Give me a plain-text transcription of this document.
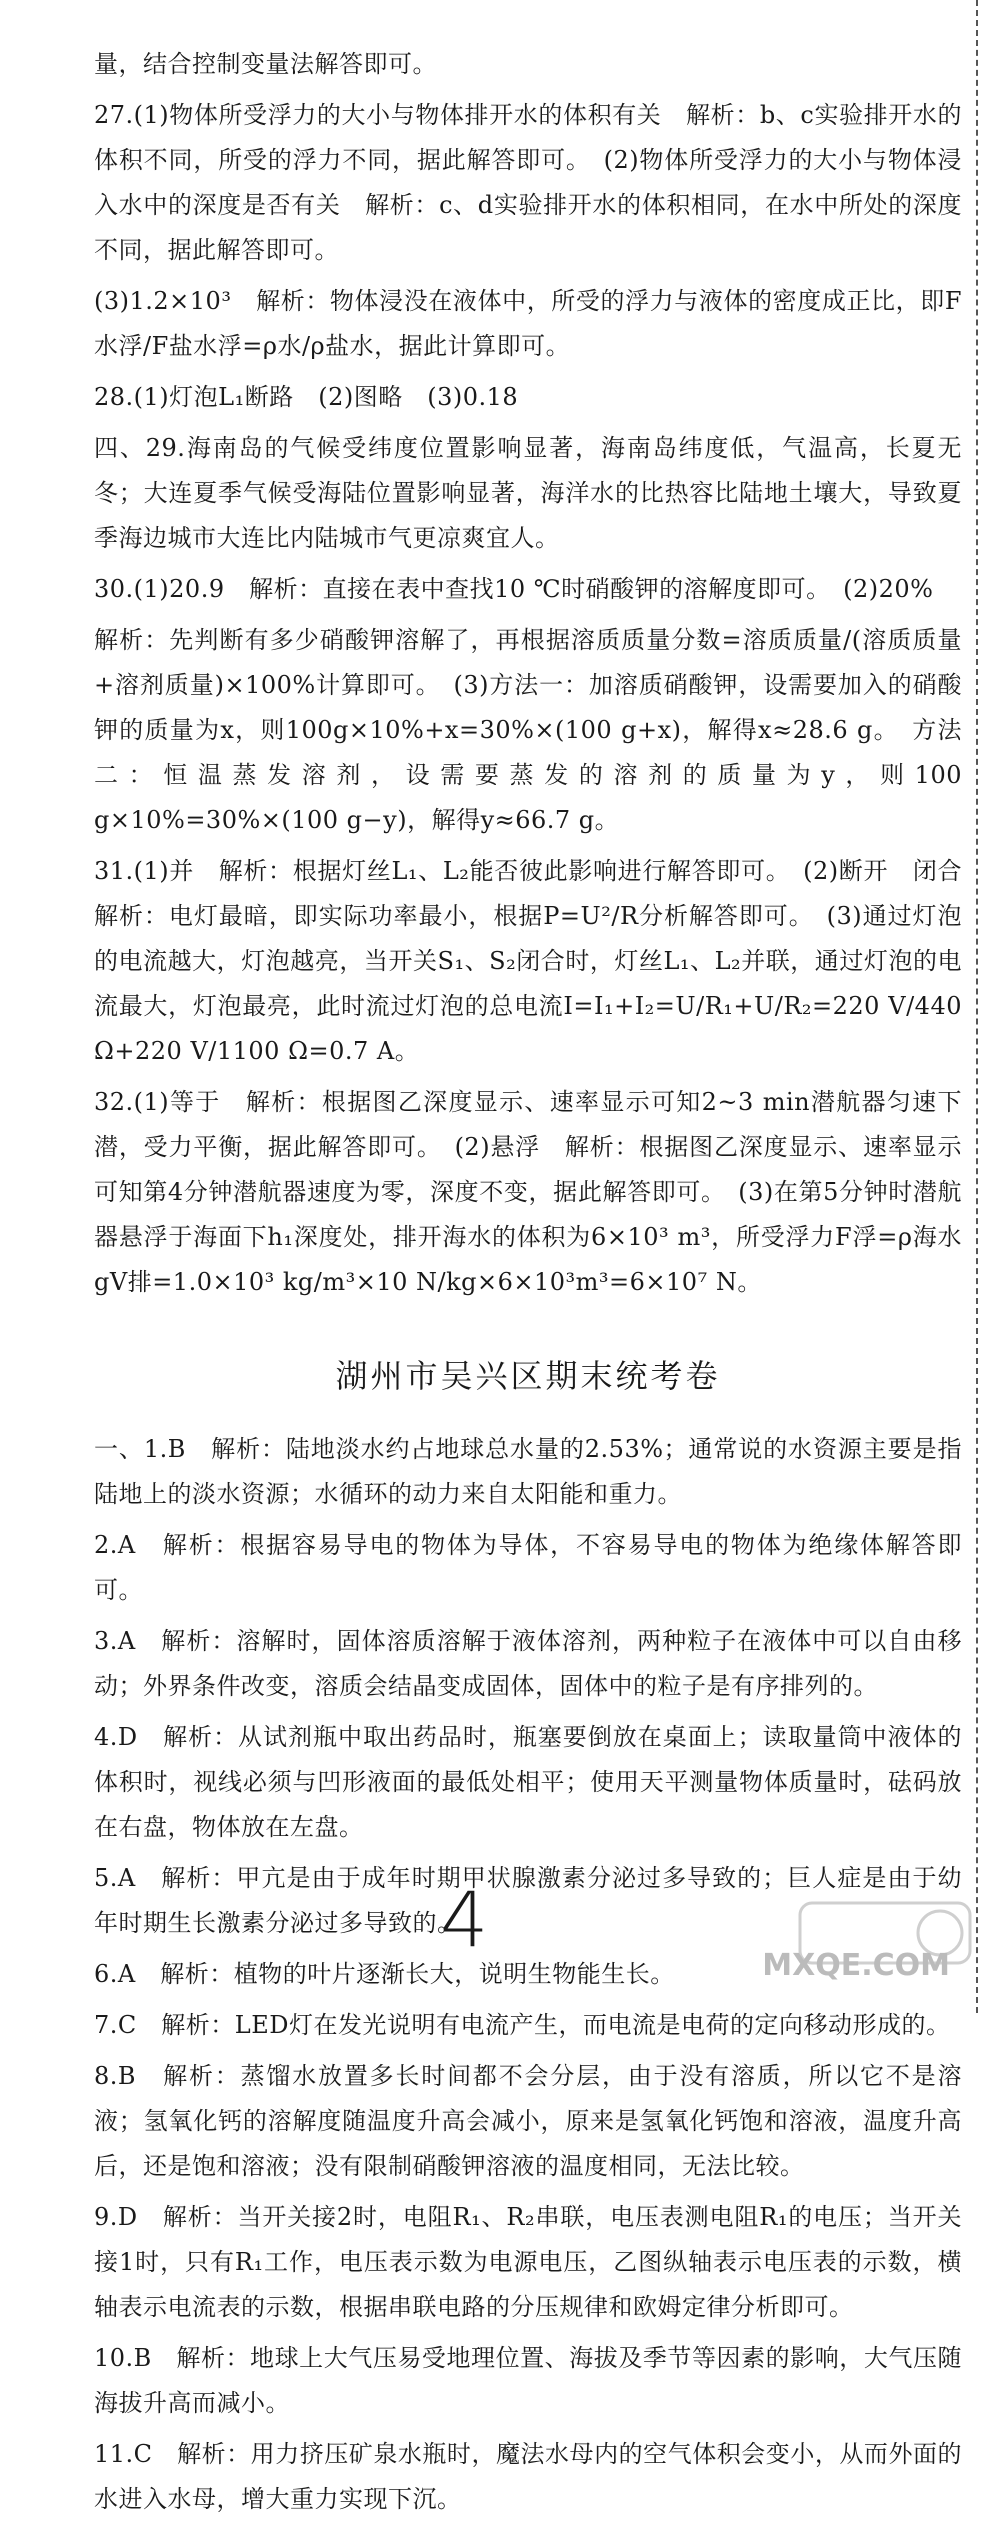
量，结合控制变量法解答即可。

27.(1)物体所受浮力的大小与物体排开水的体积有关　解析：b、c实验排开水的体积不同，所受的浮力不同，据此解答即可。　(2)物体所受浮力的大小与物体浸入水中的深度是否有关　解析：c、d实验排开水的体积相同，在水中所处的深度不同，据此解答即可。

(3)1.2×10³　解析：物体浸没在液体中，所受的浮力与液体的密度成正比，即F水浮/F盐水浮=ρ水/ρ盐水，据此计算即可。

28.(1)灯泡L₁断路　(2)图略　(3)0.18

四、29.海南岛的气候受纬度位置影响显著，海南岛纬度低，气温高，长夏无冬；大连夏季气候受海陆位置影响显著，海洋水的比热容比陆地土壤大，导致夏季海边城市大连比内陆城市气更凉爽宜人。

30.(1)20.9　解析：直接在表中查找10 ℃时硝酸钾的溶解度即可。　(2)20%

解析：先判断有多少硝酸钾溶解了，再根据溶质质量分数=溶质质量/(溶质质量+溶剂质量)×100%计算即可。　(3)方法一：加溶质硝酸钾，设需要加入的硝酸钾的质量为x，则100g×10%+x=30%×(100 g+x)，解得x≈28.6 g。　方法二：恒温蒸发溶剂，设需要蒸发的溶剂的质量为y，则100 g×10%=30%×(100 g−y)，解得y≈66.7 g。

31.(1)并　解析：根据灯丝L₁、L₂能否彼此影响进行解答即可。　(2)断开　闭合　解析：电灯最暗，即实际功率最小，根据P=U²/R分析解答即可。　(3)通过灯泡的电流越大，灯泡越亮，当开关S₁、S₂闭合时，灯丝L₁、L₂并联，通过灯泡的电流最大，灯泡最亮，此时流过灯泡的总电流I=I₁+I₂=U/R₁+U/R₂=220 V/440 Ω+220 V/1100 Ω=0.7 A。

32.(1)等于　解析：根据图乙深度显示、速率显示可知2~3 min潜航器匀速下潜，受力平衡，据此解答即可。　(2)悬浮　解析：根据图乙深度显示、速率显示可知第4分钟潜航器速度为零，深度不变，据此解答即可。　(3)在第5分钟时潜航器悬浮于海面下h₁深度处，排开海水的体积为6×10³ m³，所受浮力F浮=ρ海水gV排=1.0×10³ kg/m³×10 N/kg×6×10³m³=6×10⁷ N。

湖州市吴兴区期末统考卷

一、1.B　解析：陆地淡水约占地球总水量的2.53%；通常说的水资源主要是指陆地上的淡水资源；水循环的动力来自太阳能和重力。

2.A　解析：根据容易导电的物体为导体，不容易导电的物体为绝缘体解答即可。

3.A　解析：溶解时，固体溶质溶解于液体溶剂，两种粒子在液体中可以自由移动；外界条件改变，溶质会结晶变成固体，固体中的粒子是有序排列的。

4.D　解析：从试剂瓶中取出药品时，瓶塞要倒放在桌面上；读取量筒中液体的体积时，视线必须与凹形液面的最低处相平；使用天平测量物体质量时，砝码放在右盘，物体放在左盘。

5.A　解析：甲亢是由于成年时期甲状腺激素分泌过多导致的；巨人症是由于幼年时期生长激素分泌过多导致的。

6.A　解析：植物的叶片逐渐长大，说明生物能生长。

7.C　解析：LED灯在发光说明有电流产生，而电流是电荷的定向移动形成的。

8.B　解析：蒸馏水放置多长时间都不会分层，由于没有溶质，所以它不是溶液；氢氧化钙的溶解度随温度升高会减小，原来是氢氧化钙饱和溶液，温度升高后，还是饱和溶液；没有限制硝酸钾溶液的温度相同，无法比较。

9.D　解析：当开关接2时，电阻R₁、R₂串联，电压表测电阻R₁的电压；当开关接1时，只有R₁工作，电压表示数为电源电压，乙图纵轴表示电压表的示数，横轴表示电流表的示数，根据串联电路的分压规律和欧姆定律分析即可。

10.B　解析：地球上大气压易受地理位置、海拔及季节等因素的影响，大气压随海拔升高而减小。

11.C　解析：用力挤压矿泉水瓶时，魔法水母内的空气体积会变小，从而外面的水进入水母，增大重力实现下沉。

4
MXQE.COM
